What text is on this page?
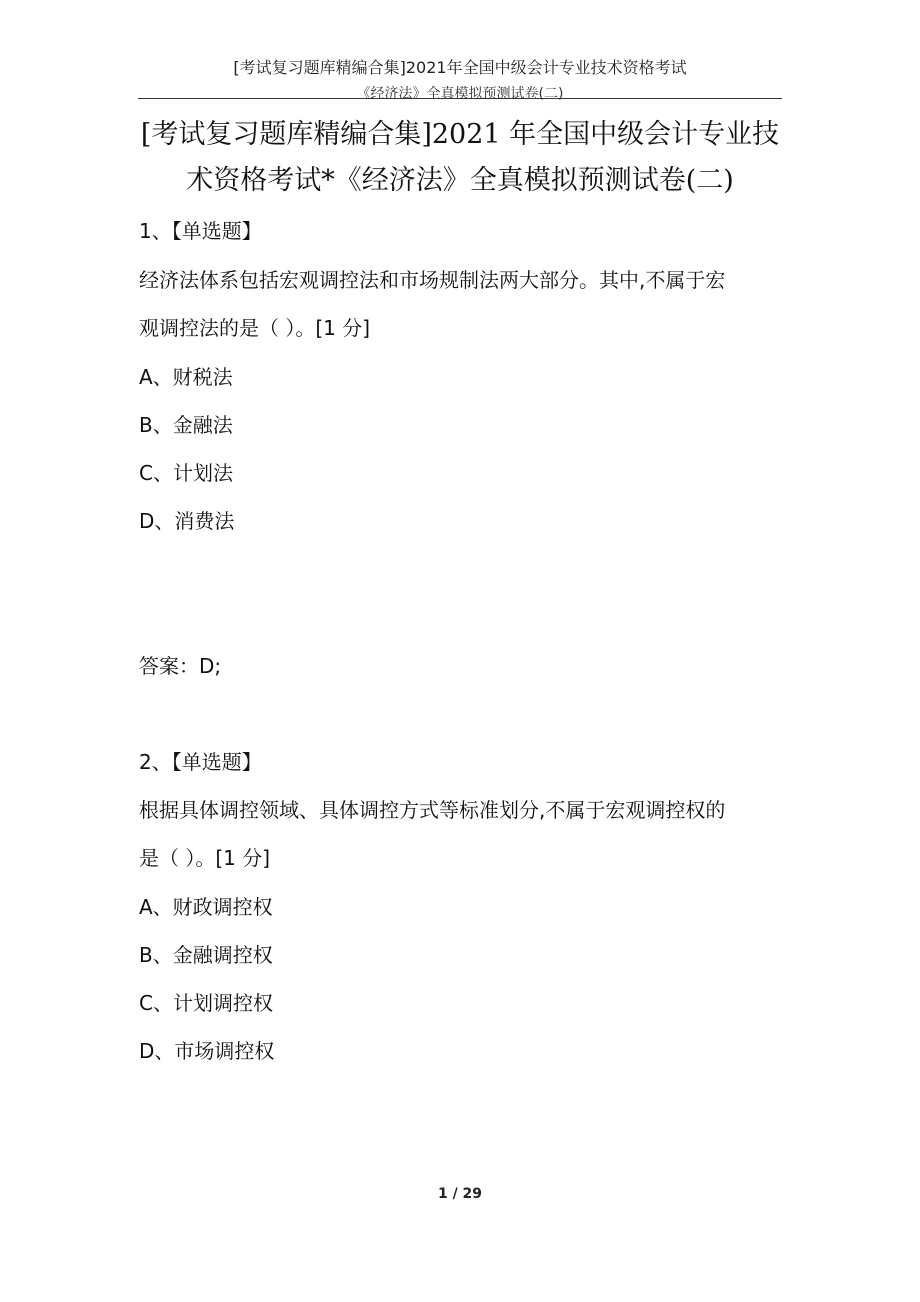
[考试复习题库精编合集]2021年全国中级会计专业技术资格考试
《经济法》全真模拟预测试卷(二)
[考试复习题库精编合集]2021 年全国中级会计专业技
术资格考试*《经济法》全真模拟预测试卷(二)
1、【单选题】
经济法体系包括宏观调控法和市场规制法两大部分。其中,不属于宏
观调控法的是（ ）。[1 分]
A、财税法
B、金融法
C、计划法
D、消费法
答案：D;
2、【单选题】
根据具体调控领域、具体调控方式等标准划分,不属于宏观调控权的
是（ ）。[1 分]
A、财政调控权
B、金融调控权
C、计划调控权
D、市场调控权
1 / 29
